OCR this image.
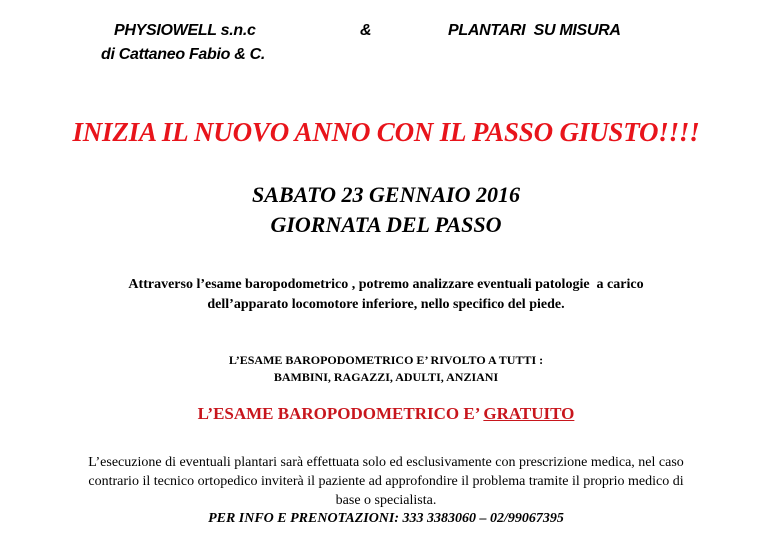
PHYSIOWELL s.n.c
di Cattaneo Fabio & C.
&	PLANTARI  SU MISURA
INIZIA IL NUOVO ANNO CON IL PASSO GIUSTO!!!!
SABATO 23 GENNAIO 2016
GIORNATA DEL PASSO
Attraverso l’esame baropodometrico , potremo analizzare eventuali patologie  a carico
dell’apparato locomotore inferiore, nello specifico del piede.
L’ESAME BAROPODOMETRICO E’ RIVOLTO A TUTTI :
BAMBINI, RAGAZZI, ADULTI, ANZIANI
L’ESAME BAROPODOMETRICO E’ GRATUITO
L’esecuzione di eventuali plantari sarà effettuata solo ed esclusivamente con prescrizione medica, nel caso
contrario il tecnico ortopedico inviterà il paziente ad approfondire il problema tramite il proprio medico di
base o specialista.
PER INFO E PRENOTAZIONI: 333 3383060 – 02/99067395
